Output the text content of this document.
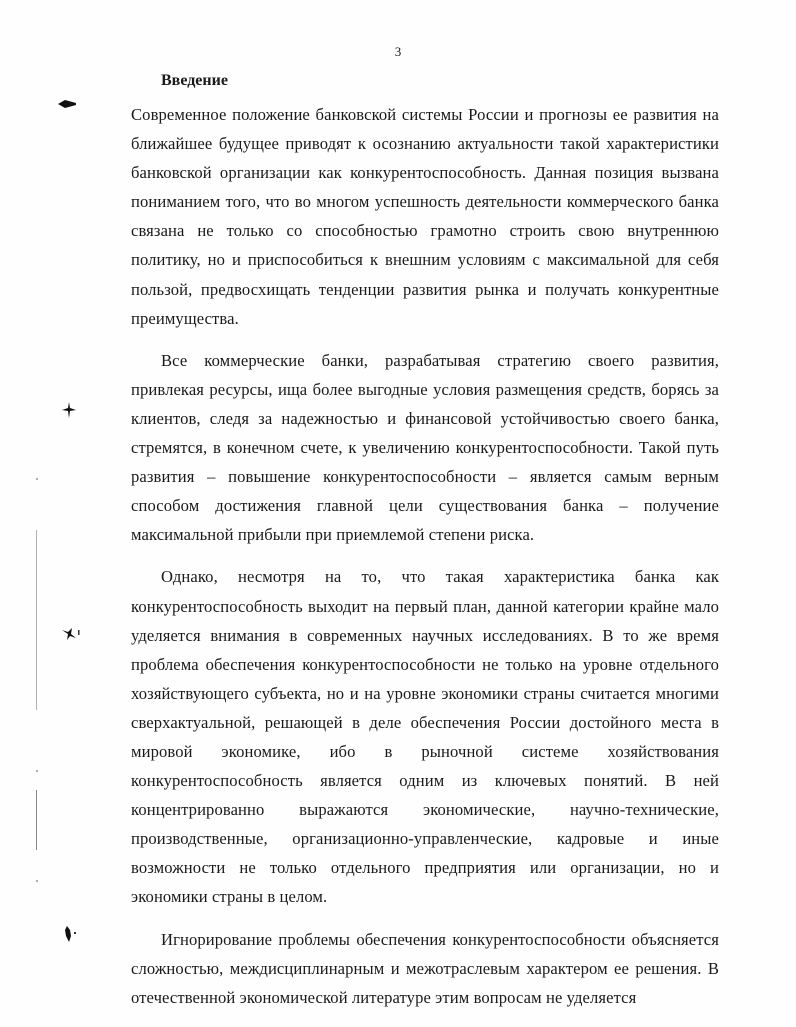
3
Введение

Современное положение банковской системы России и прогнозы ее развития на ближайшее будущее приводят к осознанию актуальности такой характеристики банковской организации как конкурентоспособность. Данная позиция вызвана пониманием того, что во многом успешность деятельности коммерческого банка связана не только со способностью грамотно строить свою внутреннюю политику, но и приспособиться к внешним условиям с максимальной для себя пользой, предвосхищать тенденции развития рынка и получать конкурентные преимущества.

Все коммерческие банки, разрабатывая стратегию своего развития, привлекая ресурсы, ища более выгодные условия размещения средств, борясь за клиентов, следя за надежностью и финансовой устойчивостью своего банка, стремятся, в конечном счете, к увеличению конкурентоспособности. Такой путь развития – повышение конкурентоспособности – является самым верным способом достижения главной цели существования банка – получение максимальной прибыли при приемлемой степени риска.

Однако, несмотря на то, что такая характеристика банка как конкурентоспособность выходит на первый план, данной категории крайне мало уделяется внимания в современных научных исследованиях. В то же время проблема обеспечения конкурентоспособности не только на уровне отдельного хозяйствующего субъекта, но и на уровне экономики страны считается многими сверхактуальной, решающей в деле обеспечения России достойного места в мировой экономике, ибо в рыночной системе хозяйствования конкурентоспособность является одним из ключевых понятий. В ней концентрированно выражаются экономические, научно-технические, производственные, организационно-управленческие, кадровые и иные возможности не только отдельного предприятия или организации, но и экономики страны в целом.

Игнорирование проблемы обеспечения конкурентоспособности объясняется сложностью, междисциплинарным и межотраслевым характером ее решения. В отечественной экономической литературе этим вопросам не уделяется
